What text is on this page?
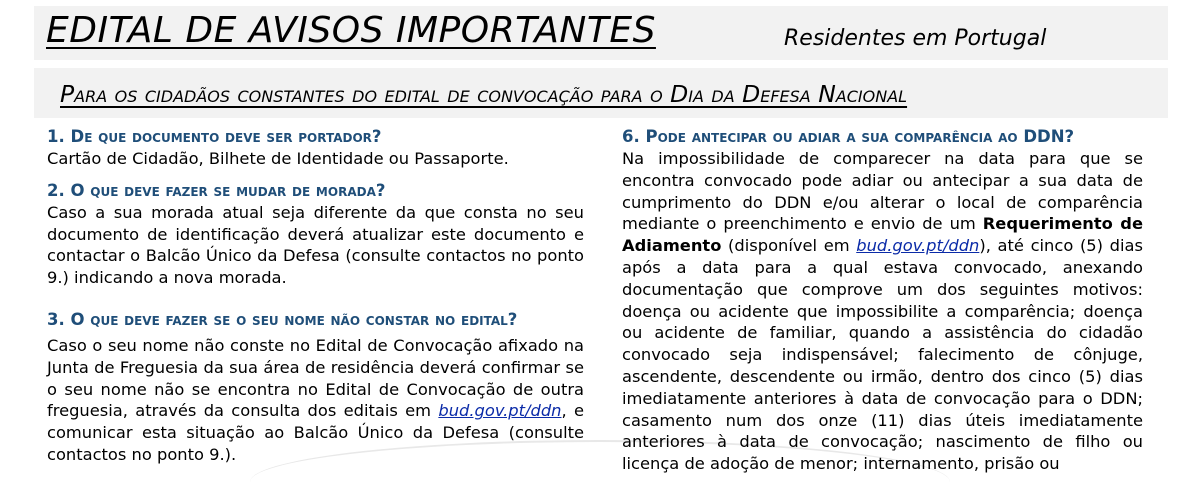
EDITAL DE AVISOS IMPORTANTES	Residentes em Portugal
Para os cidadãos constantes do edital de convocação para o Dia da Defesa Nacional

1. De que documento deve ser portador?

Cartão de Cidadão, Bilhete de Identidade ou Passaporte.

2. O que deve fazer se mudar de morada?

Caso a sua morada atual seja diferente da que consta no seu documento de identificação deverá atualizar este documento e contactar o Balcão Único da Defesa (consulte contactos no ponto 9.) indicando a nova morada.

3. O que deve fazer se o seu nome não constar no edital?

Caso o seu nome não conste no Edital de Convocação afixado na Junta de Freguesia da sua área de residência deverá confirmar se o seu nome não se encontra no Edital de Convocação de outra freguesia, através da consulta dos editais em bud.gov.pt/ddn, e comunicar esta situação ao Balcão Único da Defesa (consulte contactos no ponto 9.).

6. Pode antecipar ou adiar a sua comparência ao DDN?

Na impossibilidade de comparecer na data para que se encontra convocado pode adiar ou antecipar a sua data de cumprimento do DDN e/ou alterar o local de comparência mediante o preenchimento e envio de um Requerimento de Adiamento (disponível em bud.gov.pt/ddn), até cinco (5) dias após a data para a qual estava convocado, anexando documentação que comprove um dos seguintes motivos: doença ou acidente que impossibilite a comparência; doença ou acidente de familiar, quando a assistência do cidadão convocado seja indispensável; falecimento de cônjuge, ascendente, descendente ou irmão, dentro dos cinco (5) dias imediatamente anteriores à data de convocação para o DDN; casamento num dos onze (11) dias úteis imediatamente anteriores à data de convocação; nascimento de filho ou licença de adoção de menor; internamento, prisão ou
